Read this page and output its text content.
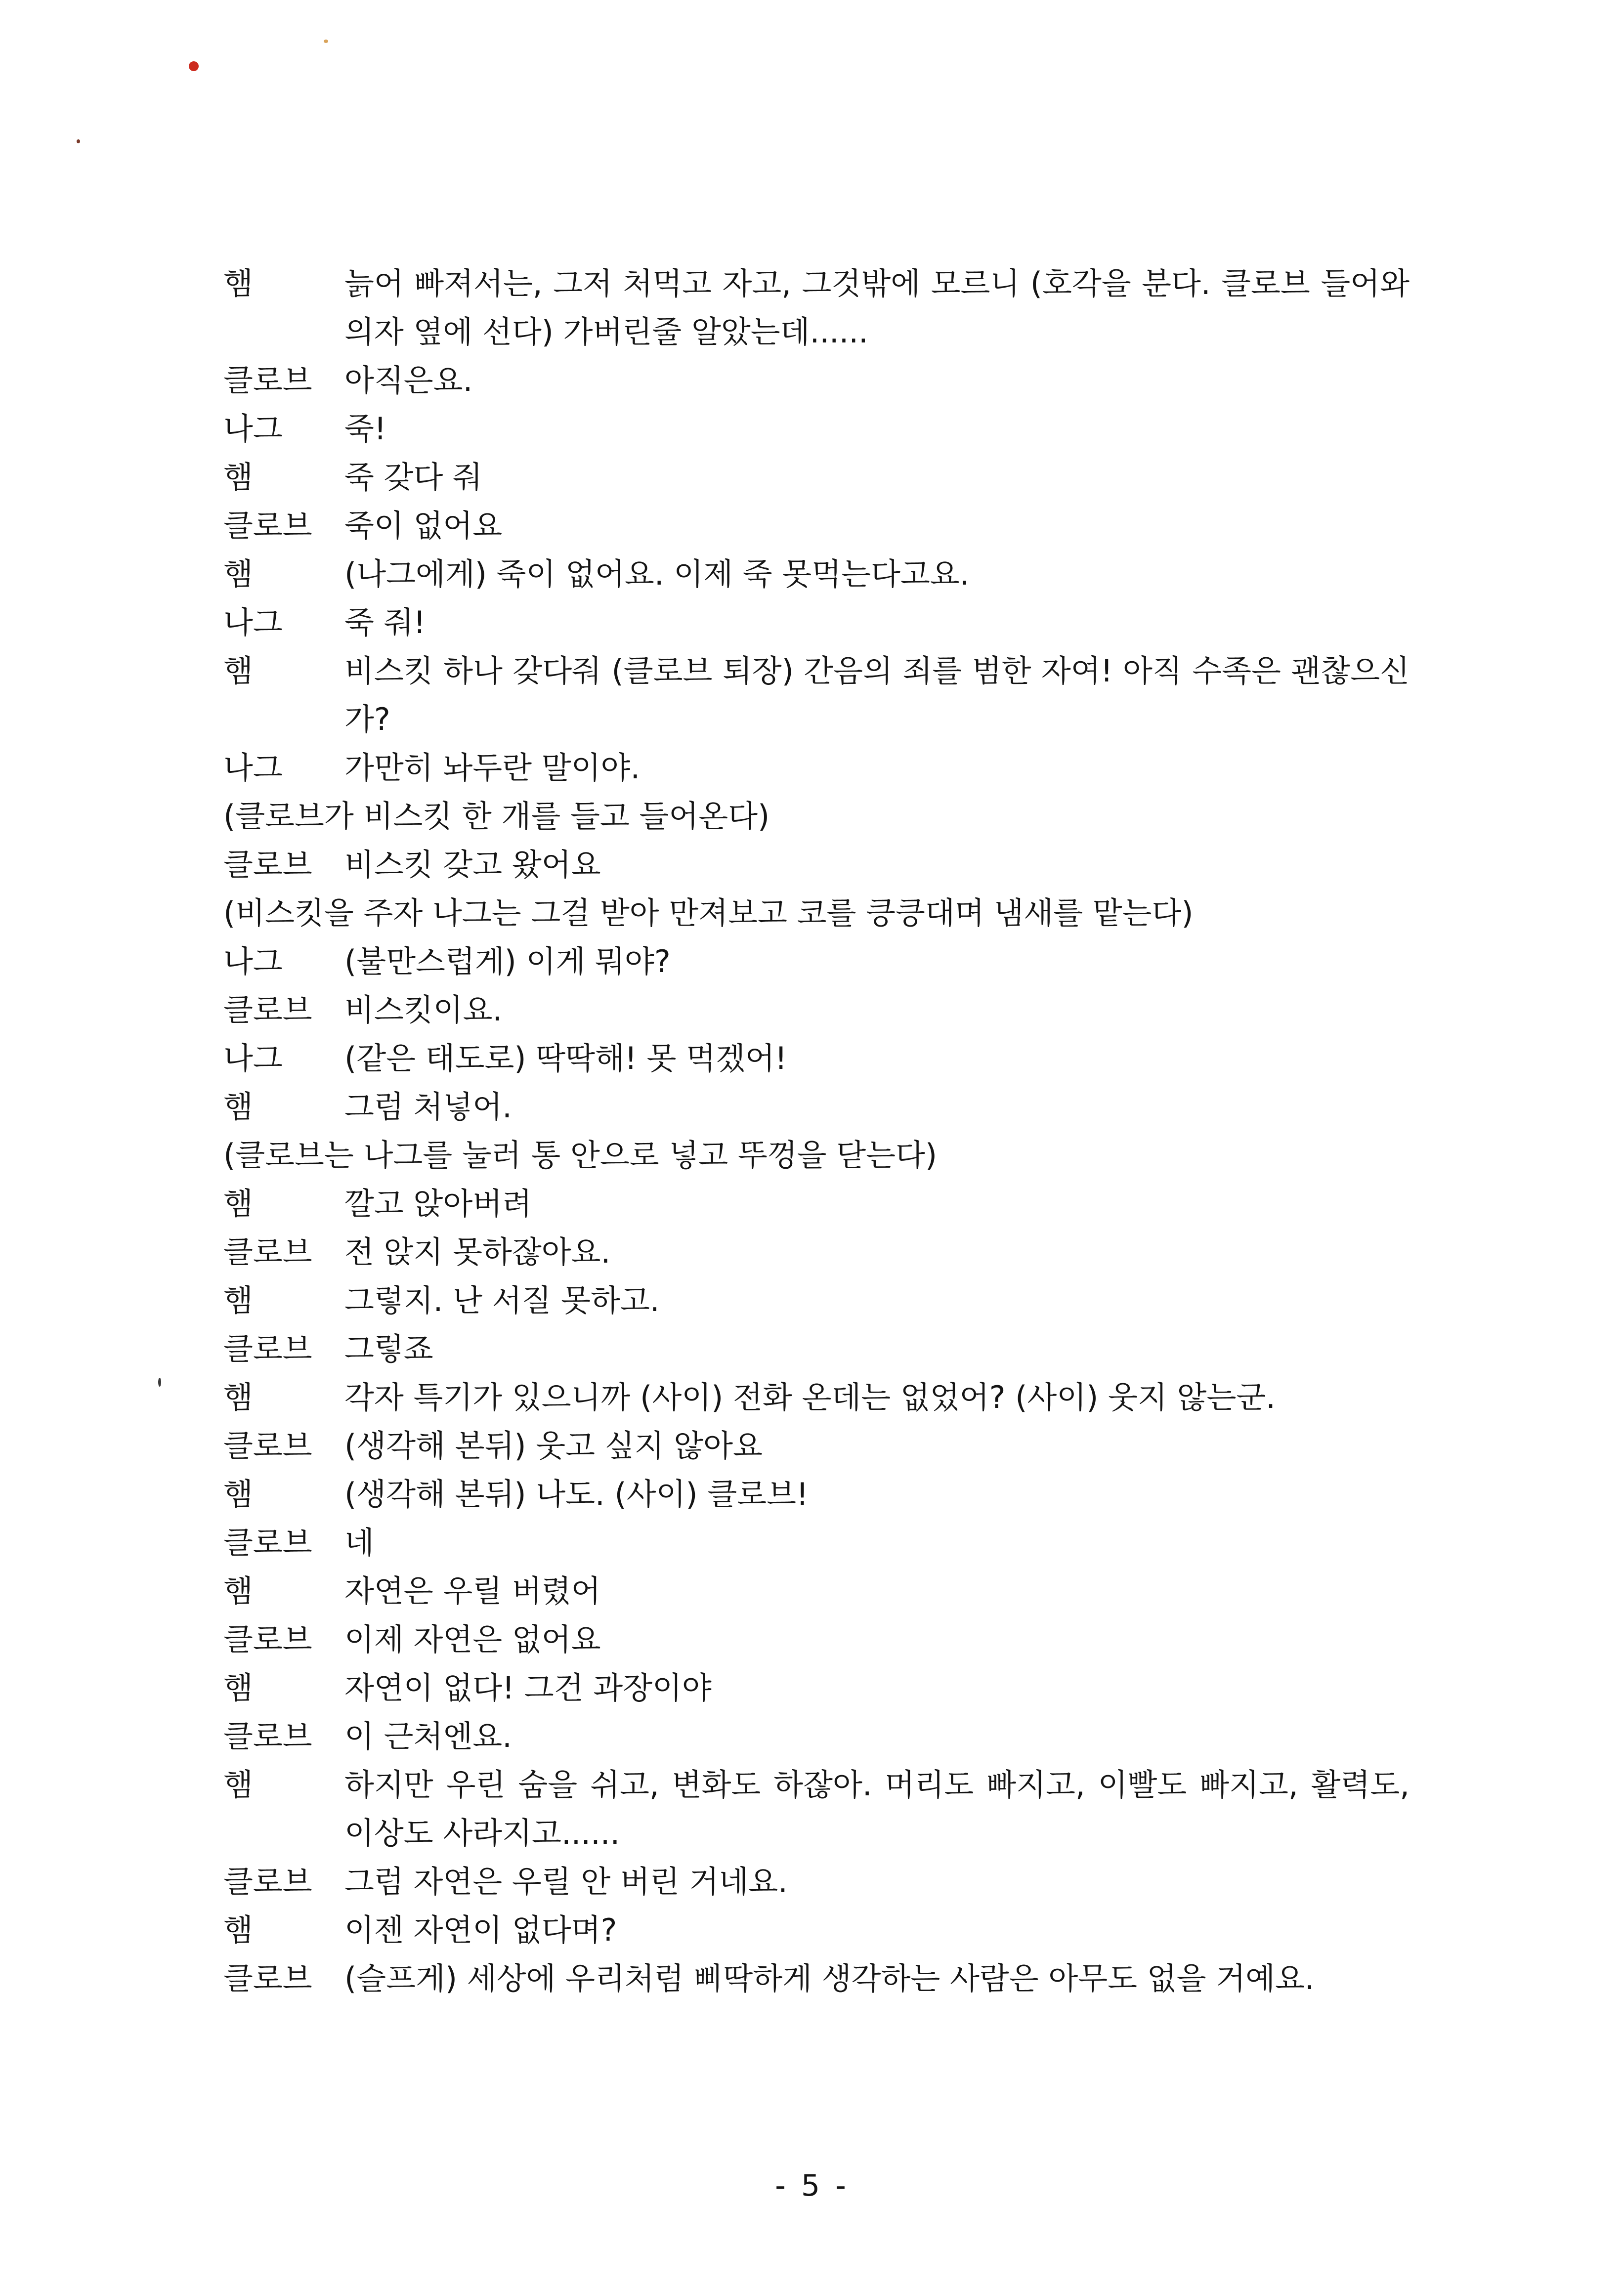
햄	늙어 빠져서는, 그저 처먹고 자고, 그것밖에 모르니 (호각을 분다. 클로브 들어와 의자 옆에 선다) 가버린줄 알았는데......
클로브	아직은요.
나그	죽!
햄	죽 갖다 줘
클로브	죽이 없어요
햄	(나그에게) 죽이 없어요. 이제 죽 못먹는다고요.
나그	죽 줘!
햄	비스킷 하나 갖다줘 (클로브 퇴장) 간음의 죄를 범한 자여! 아직 수족은 괜찮으신가?
나그	가만히 놔두란 말이야.
(클로브가 비스킷 한 개를 들고 들어온다)
클로브	비스킷 갖고 왔어요
(비스킷을 주자 나그는 그걸 받아 만져보고 코를 킁킁대며 냄새를 맡는다)
나그	(불만스럽게) 이게 뭐야?
클로브	비스킷이요.
나그	(같은 태도로) 딱딱해! 못 먹겠어!
햄	그럼 처넣어.
(클로브는 나그를 눌러 통 안으로 넣고 뚜껑을 닫는다)
햄	깔고 앉아버려
클로브	전 앉지 못하잖아요.
햄	그렇지. 난 서질 못하고.
클로브	그렇죠
햄	각자 특기가 있으니까 (사이) 전화 온데는 없었어? (사이) 웃지 않는군.
클로브	(생각해 본뒤) 웃고 싶지 않아요
햄	(생각해 본뒤) 나도. (사이) 클로브!
클로브	네
햄	자연은 우릴 버렸어
클로브	이제 자연은 없어요
햄	자연이 없다! 그건 과장이야
클로브	이 근처엔요.
햄	하지만 우린 숨을 쉬고, 변화도 하잖아. 머리도 빠지고, 이빨도 빠지고, 활력도, 이상도 사라지고......
클로브	그럼 자연은 우릴 안 버린 거네요.
햄	이젠 자연이 없다며?
클로브	(슬프게) 세상에 우리처럼 삐딱하게 생각하는 사람은 아무도 없을 거예요.
- 5 -
